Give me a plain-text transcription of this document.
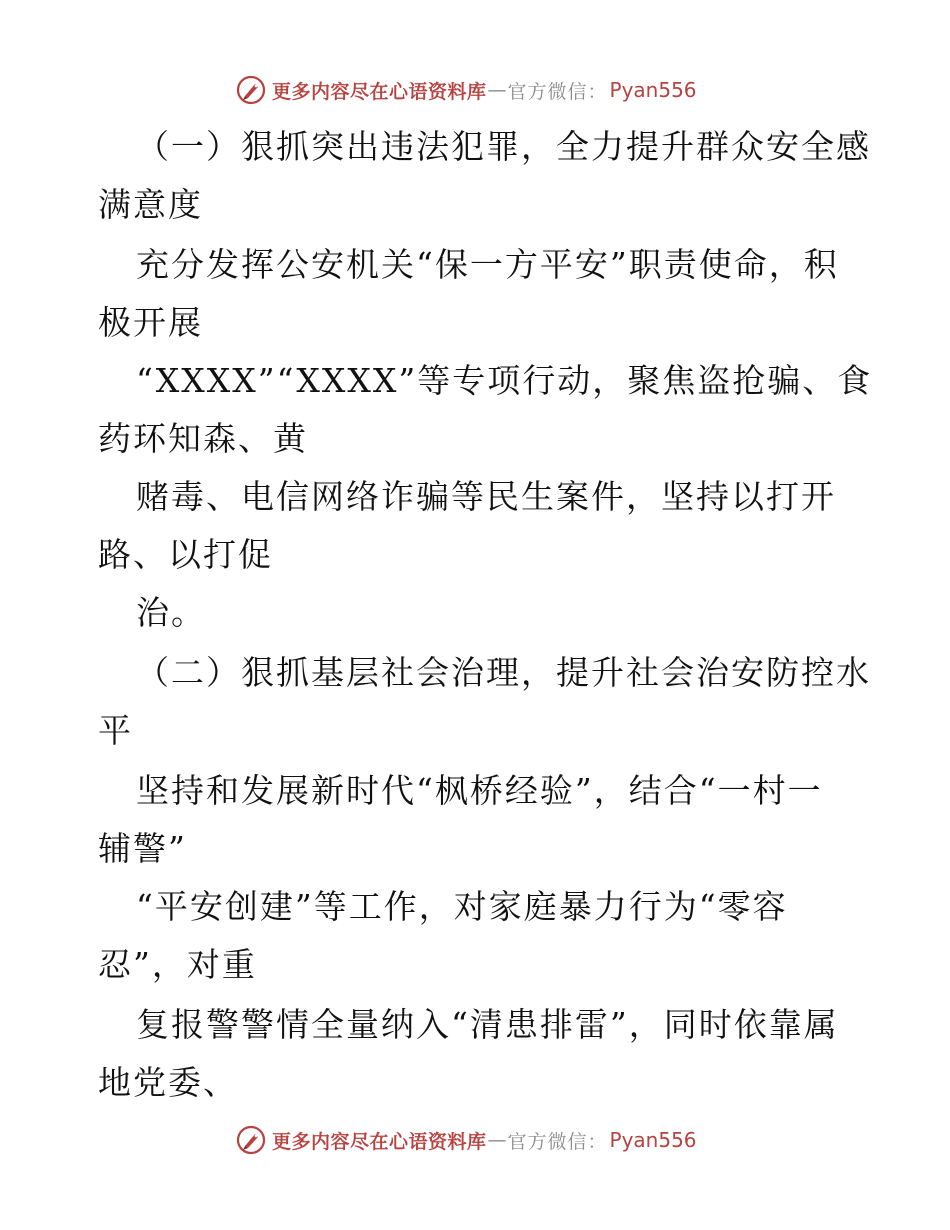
更多内容尽在心语资料库 — 官方微信： Pyan556
（一）狠抓突出违法犯罪，全力提升群众安全感
满意度
充分发挥公安机关“保一方平安”职责使命，积
极开展
“XXXX”“XXXX”等专项行动，聚焦盗抢骗、食
药环知森、黄
赌毒、电信网络诈骗等民生案件，坚持以打开
路、以打促
治。
（二）狠抓基层社会治理，提升社会治安防控水
平
坚持和发展新时代“枫桥经验”，结合“一村一
辅警”
“平安创建”等工作，对家庭暴力行为“零容
忍”，对重
复报警警情全量纳入“清患排雷”，同时依靠属
地党委、
更多内容尽在心语资料库 — 官方微信： Pyan556
